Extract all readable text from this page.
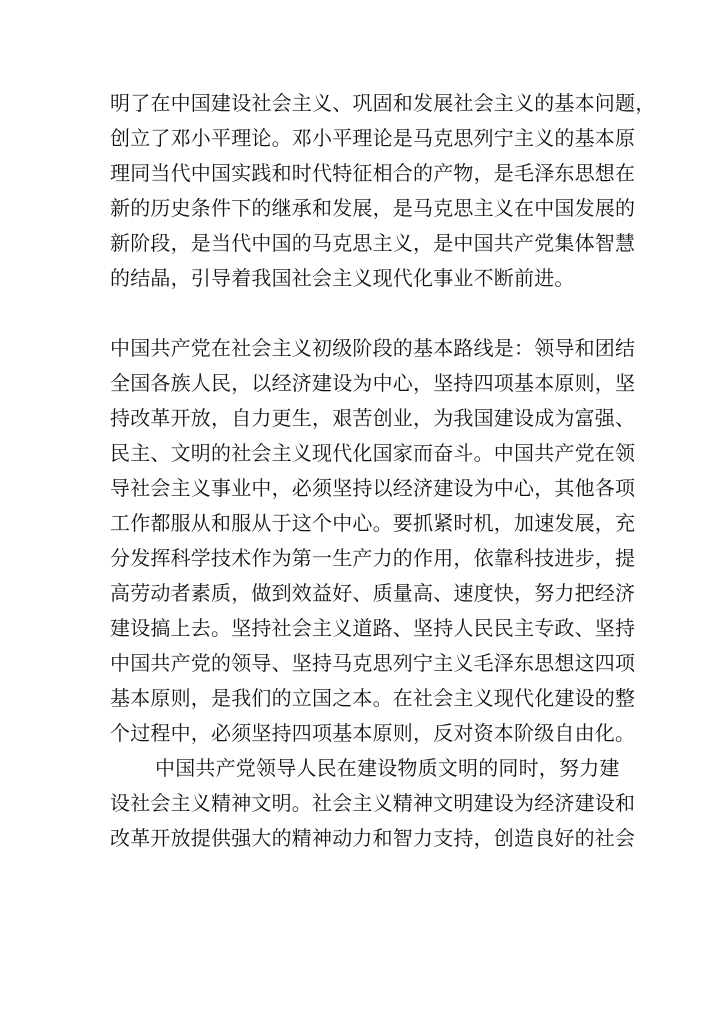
明了在中国建设社会主义、巩固和发展社会主义的基本问题，
创立了邓小平理论。邓小平理论是马克思列宁主义的基本原
理同当代中国实践和时代特征相合的产物，是毛泽东思想在
新的历史条件下的继承和发展，是马克思主义在中国发展的
新阶段，是当代中国的马克思主义，是中国共产党集体智慧
的结晶，引导着我国社会主义现代化事业不断前进。
中国共产党在社会主义初级阶段的基本路线是：领导和团结
全国各族人民，以经济建设为中心，坚持四项基本原则，坚
持改革开放，自力更生，艰苦创业，为我国建设成为富强、
民主、文明的社会主义现代化国家而奋斗。中国共产党在领
导社会主义事业中，必须坚持以经济建设为中心，其他各项
工作都服从和服从于这个中心。要抓紧时机，加速发展，充
分发挥科学技术作为第一生产力的作用，依靠科技进步，提
高劳动者素质，做到效益好、质量高、速度快，努力把经济
建设搞上去。坚持社会主义道路、坚持人民民主专政、坚持
中国共产党的领导、坚持马克思列宁主义毛泽东思想这四项
基本原则，是我们的立国之本。在社会主义现代化建设的整
个过程中，必须坚持四项基本原则，反对资本阶级自由化。
中国共产党领导人民在建设物质文明的同时，努力建
设社会主义精神文明。社会主义精神文明建设为经济建设和
改革开放提供强大的精神动力和智力支持，创造良好的社会
